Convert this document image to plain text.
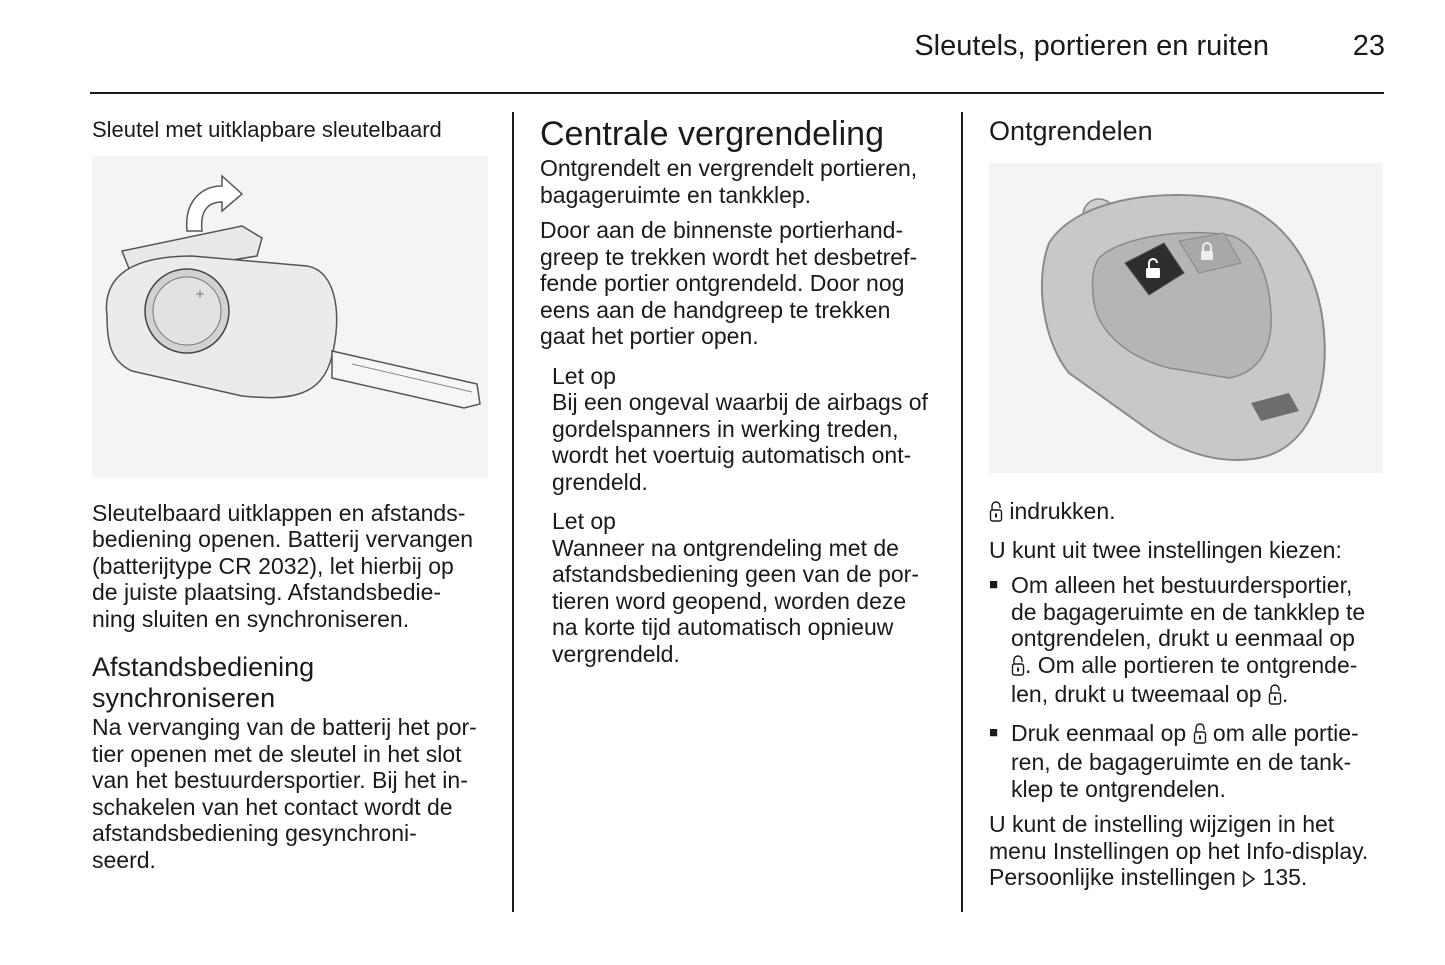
Sleutels, portieren en ruiten	23

Sleutel met uitklapbare sleutelbaard

+

Sleutelbaard uitklappen en afstands-

bediening openen. Batterij vervangen

(batterijtype CR 2032), let hierbij op

de juiste plaatsing. Afstandsbedie-

ning sluiten en synchroniseren.

Afstandsbediening

synchroniseren

Na vervanging van de batterij het por-

tier openen met de sleutel in het slot

van het bestuurdersportier. Bij het in-

schakelen van het contact wordt de

afstandsbediening gesynchroni-

seerd.

Centrale vergrendeling

Ontgrendelt en vergrendelt portieren,

bagageruimte en tankklep.

Door aan de binnenste portierhand-

greep te trekken wordt het desbetref-

fende portier ontgrendeld. Door nog

eens aan de handgreep te trekken

gaat het portier open.

Let op

Bij een ongeval waarbij de airbags of

gordelspanners in werking treden,

wordt het voertuig automatisch ont-

grendeld.

Let op

Wanneer na ontgrendeling met de

afstandsbediening geen van de por-

tieren word geopend, worden deze

na korte tijd automatisch opnieuw

vergrendeld.

Ontgrendelen

indrukken.

U kunt uit twee instellingen kiezen:

■ Om alleen het bestuurdersportier,

de bagageruimte en de tankklep te

ontgrendelen, drukt u eenmaal op

. Om alle portieren te ontgrende-

len, drukt u tweemaal op .

■ Druk eenmaal op  om alle portie-

ren, de bagageruimte en de tank-

klep te ontgrendelen.

U kunt de instelling wijzigen in het

menu Instellingen op het Info-display.

Persoonlijke instellingen  135.
